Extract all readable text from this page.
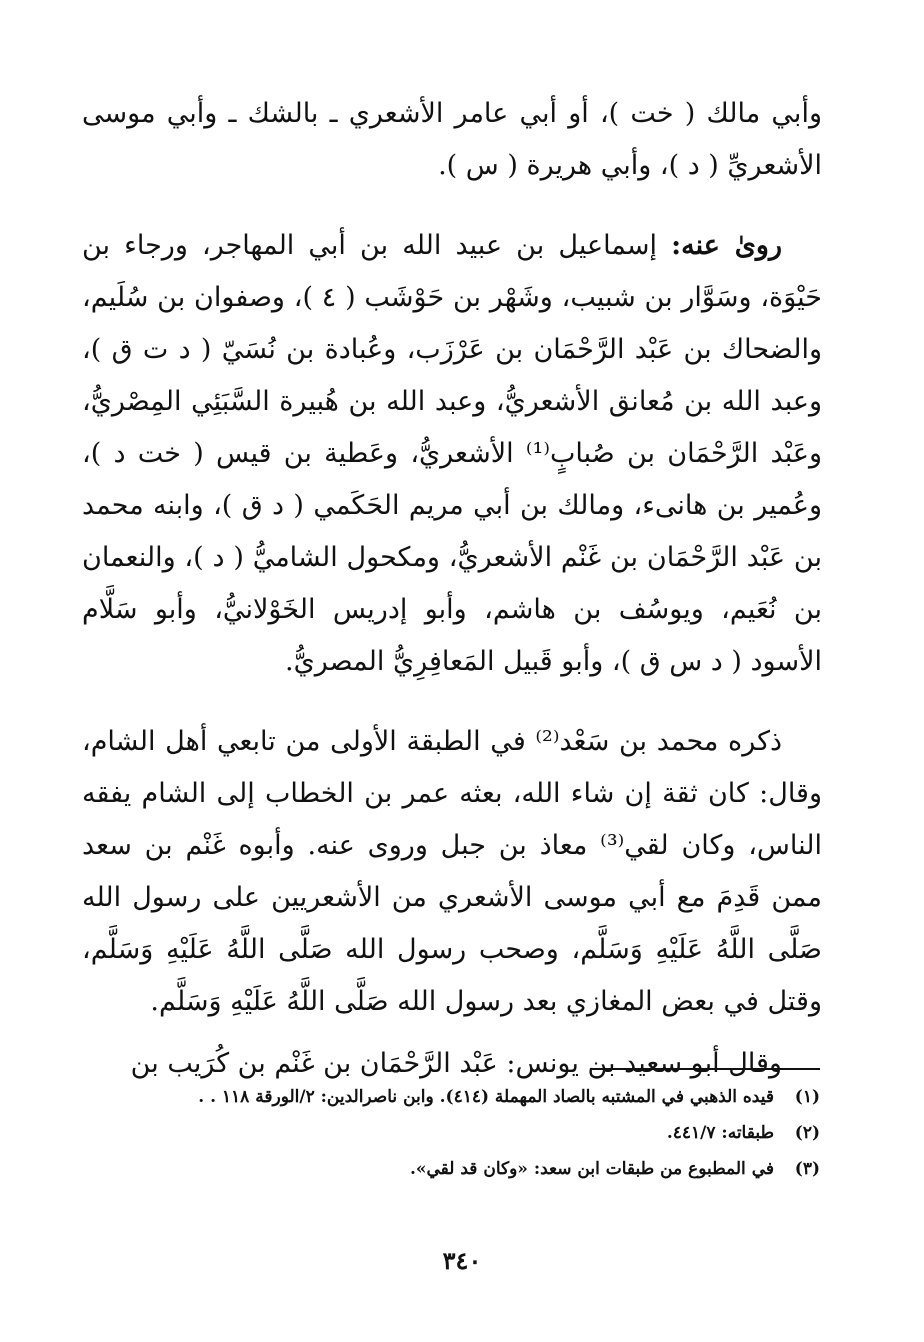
وأبي مالك ( خت )، أو أبي عامر الأشعري ـ بالشك ـ وأبي موسى الأشعريِّ ( د )، وأبي هريرة ( س ).

روىٰ عنه: إسماعيل بن عبيد الله بن أبي المهاجر، ورجاء بن حَيْوَة، وسَوَّار بن شبيب، وشَهْر بن حَوْشَب ( ٤ )، وصفوان بن سُلَيم، والضحاك بن عَبْد الرَّحْمَان بن عَرْزَب، وعُبادة بن نُسَيّ ( د ت ق )، وعبد الله بن مُعانق الأشعريُّ، وعبد الله بن هُبيرة السَّبَئِي المِصْريُّ، وعَبْد الرَّحْمَان بن صُبابٍ⁽¹⁾ الأشعريُّ، وعَطية بن قيس ( خت د )، وعُمير بن هانىء، ومالك بن أبي مريم الحَكَمي ( د ق )، وابنه محمد بن عَبْد الرَّحْمَان بن غَنْم الأشعريُّ، ومكحول الشاميُّ ( د )، والنعمان بن نُعَيم، ويوسُف بن هاشم، وأبو إدريس الخَوْلانيُّ، وأبو سَلَّام الأسود ( د س ق )، وأبو قَبيل المَعافِرِيُّ المصريُّ.

ذكره محمد بن سَعْد⁽²⁾ في الطبقة الأولى من تابعي أهل الشام، وقال: كان ثقة إن شاء الله، بعثه عمر بن الخطاب إلى الشام يفقه الناس، وكان لقي⁽³⁾ معاذ بن جبل وروى عنه. وأبوه غَنْم بن سعد ممن قَدِمَ مع أبي موسى الأشعري من الأشعريين على رسول الله صَلَّى اللَّهُ عَلَيْهِ وَسَلَّم، وصحب رسول الله صَلَّى اللَّهُ عَلَيْهِ وَسَلَّم، وقتل في بعض المغازي بعد رسول الله صَلَّى اللَّهُ عَلَيْهِ وَسَلَّم.

وقال أبو سعيد بن يونس: عَبْد الرَّحْمَان بن غَنْم بن كُرَيب بن

(١)
قيده الذهبي في المشتبه بالصاد المهملة (٤١٤). وابن ناصرالدين: ٢/الورقة ١١٨ . .
(٢)
طبقاته: ٤٤١/٧.
(٣)
في المطبوع من طبقات ابن سعد: «وكان قد لقي».
٣٤٠
